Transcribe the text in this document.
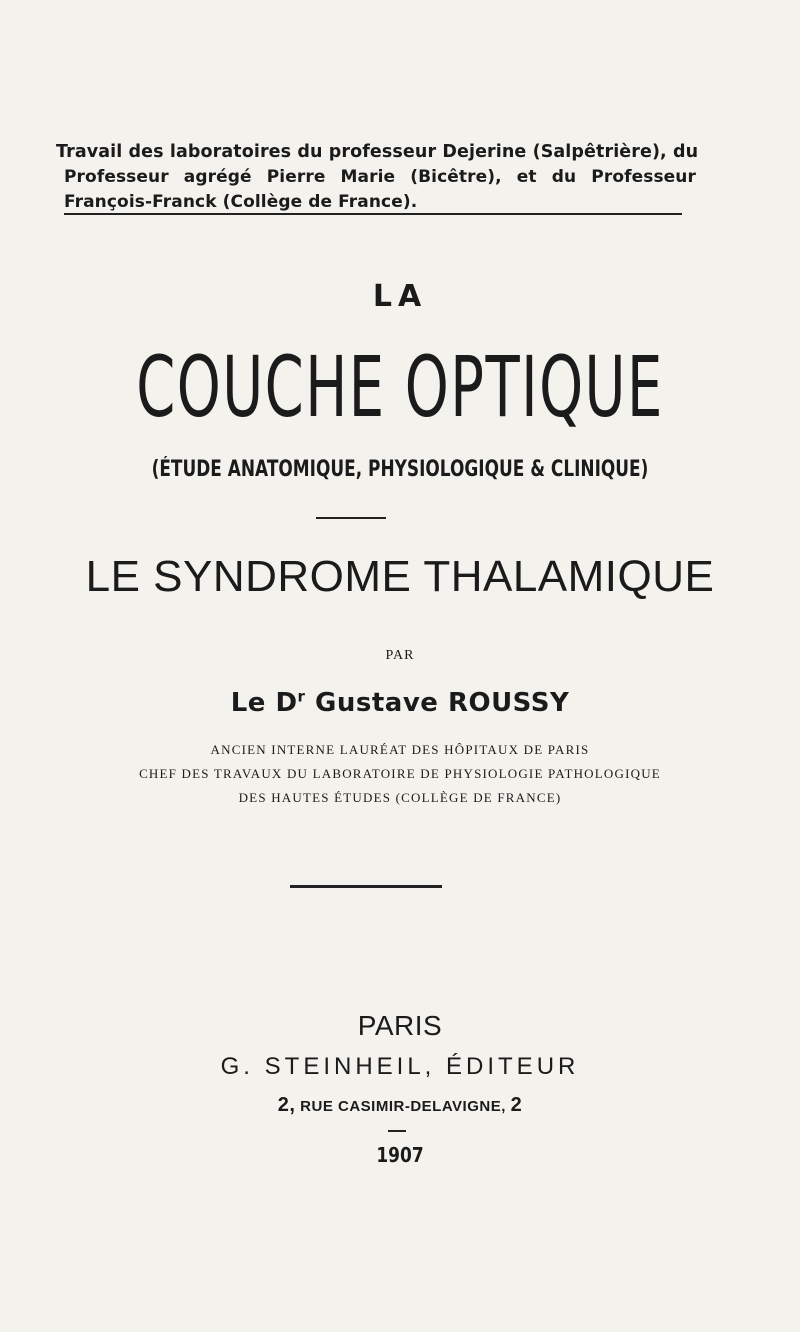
Travail des laboratoires du professeur Dejerine (Salpêtrière), du
Professeur agrégé Pierre Marie (Bicêtre), et du Professeur
François-Franck (Collège de France).
LA
COUCHE OPTIQUE
(ÉTUDE ANATOMIQUE, PHYSIOLOGIQUE & CLINIQUE)
LE SYNDROME THALAMIQUE
PAR
Le $D^r$ Gustave ROUSSY
ANCIEN INTERNE LAURÉAT DES HÔPITAUX DE PARIS
CHEF DES TRAVAUX DU LABORATOIRE DE PHYSIOLOGIE PATHOLOGIQUE
DES HAUTES ÉTUDES (COLLÈGE DE FRANCE)
PARIS
G. STEINHEIL, ÉDITEUR
2, RUE CASIMIR-DELAVIGNE, 2
1907
